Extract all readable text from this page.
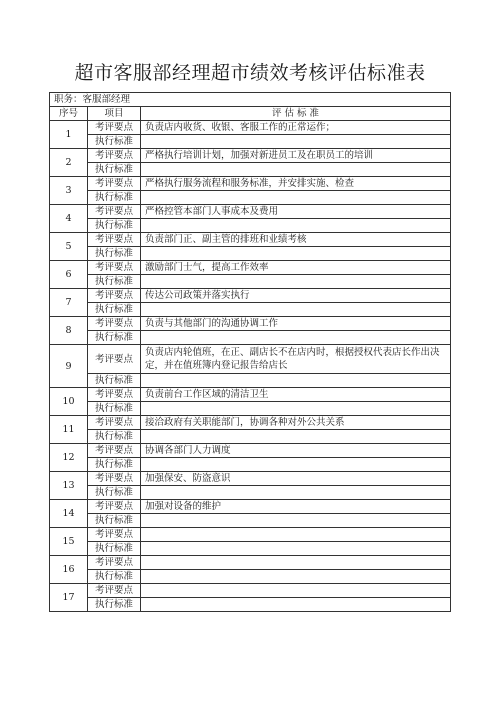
超市客服部经理超市绩效考核评估标准表
职务：客服部经理		
序号	项目	评 估 标 准
1	考评要点	负责店内收货、收银、客服工作的正常运作；
	执行标准	
2	考评要点	严格执行培训计划，加强对新进员工及在职员工的培训
	执行标准	
3	考评要点	严格执行服务流程和服务标准，并安排实施、检查
	执行标准	
4	考评要点	严格控管本部门人事成本及费用
	执行标准	
5	考评要点	负责部门正、副主管的排班和业绩考核
	执行标准	
6	考评要点	激励部门士气，提高工作效率
	执行标准	
7	考评要点	传达公司政策并落实执行
	执行标准	
8	考评要点	负责与其他部门的沟通协调工作
	执行标准	
9	考评要点	负责店内轮值班，在正、副店长不在店内时，根据授权代表店长作出决定，并在值班簿内登记报告给店长
	执行标准	
10	考评要点	负责前台工作区域的清洁卫生
	执行标准	
11	考评要点	接洽政府有关职能部门，协调各种对外公共关系
	执行标准	
12	考评要点	协调各部门人力调度
	执行标准	
13	考评要点	加强保安、防盗意识
	执行标准	
14	考评要点	加强对设备的维护
	执行标准	
15	考评要点	
	执行标准	
16	考评要点	
	执行标准	
17	考评要点	
	执行标准	
